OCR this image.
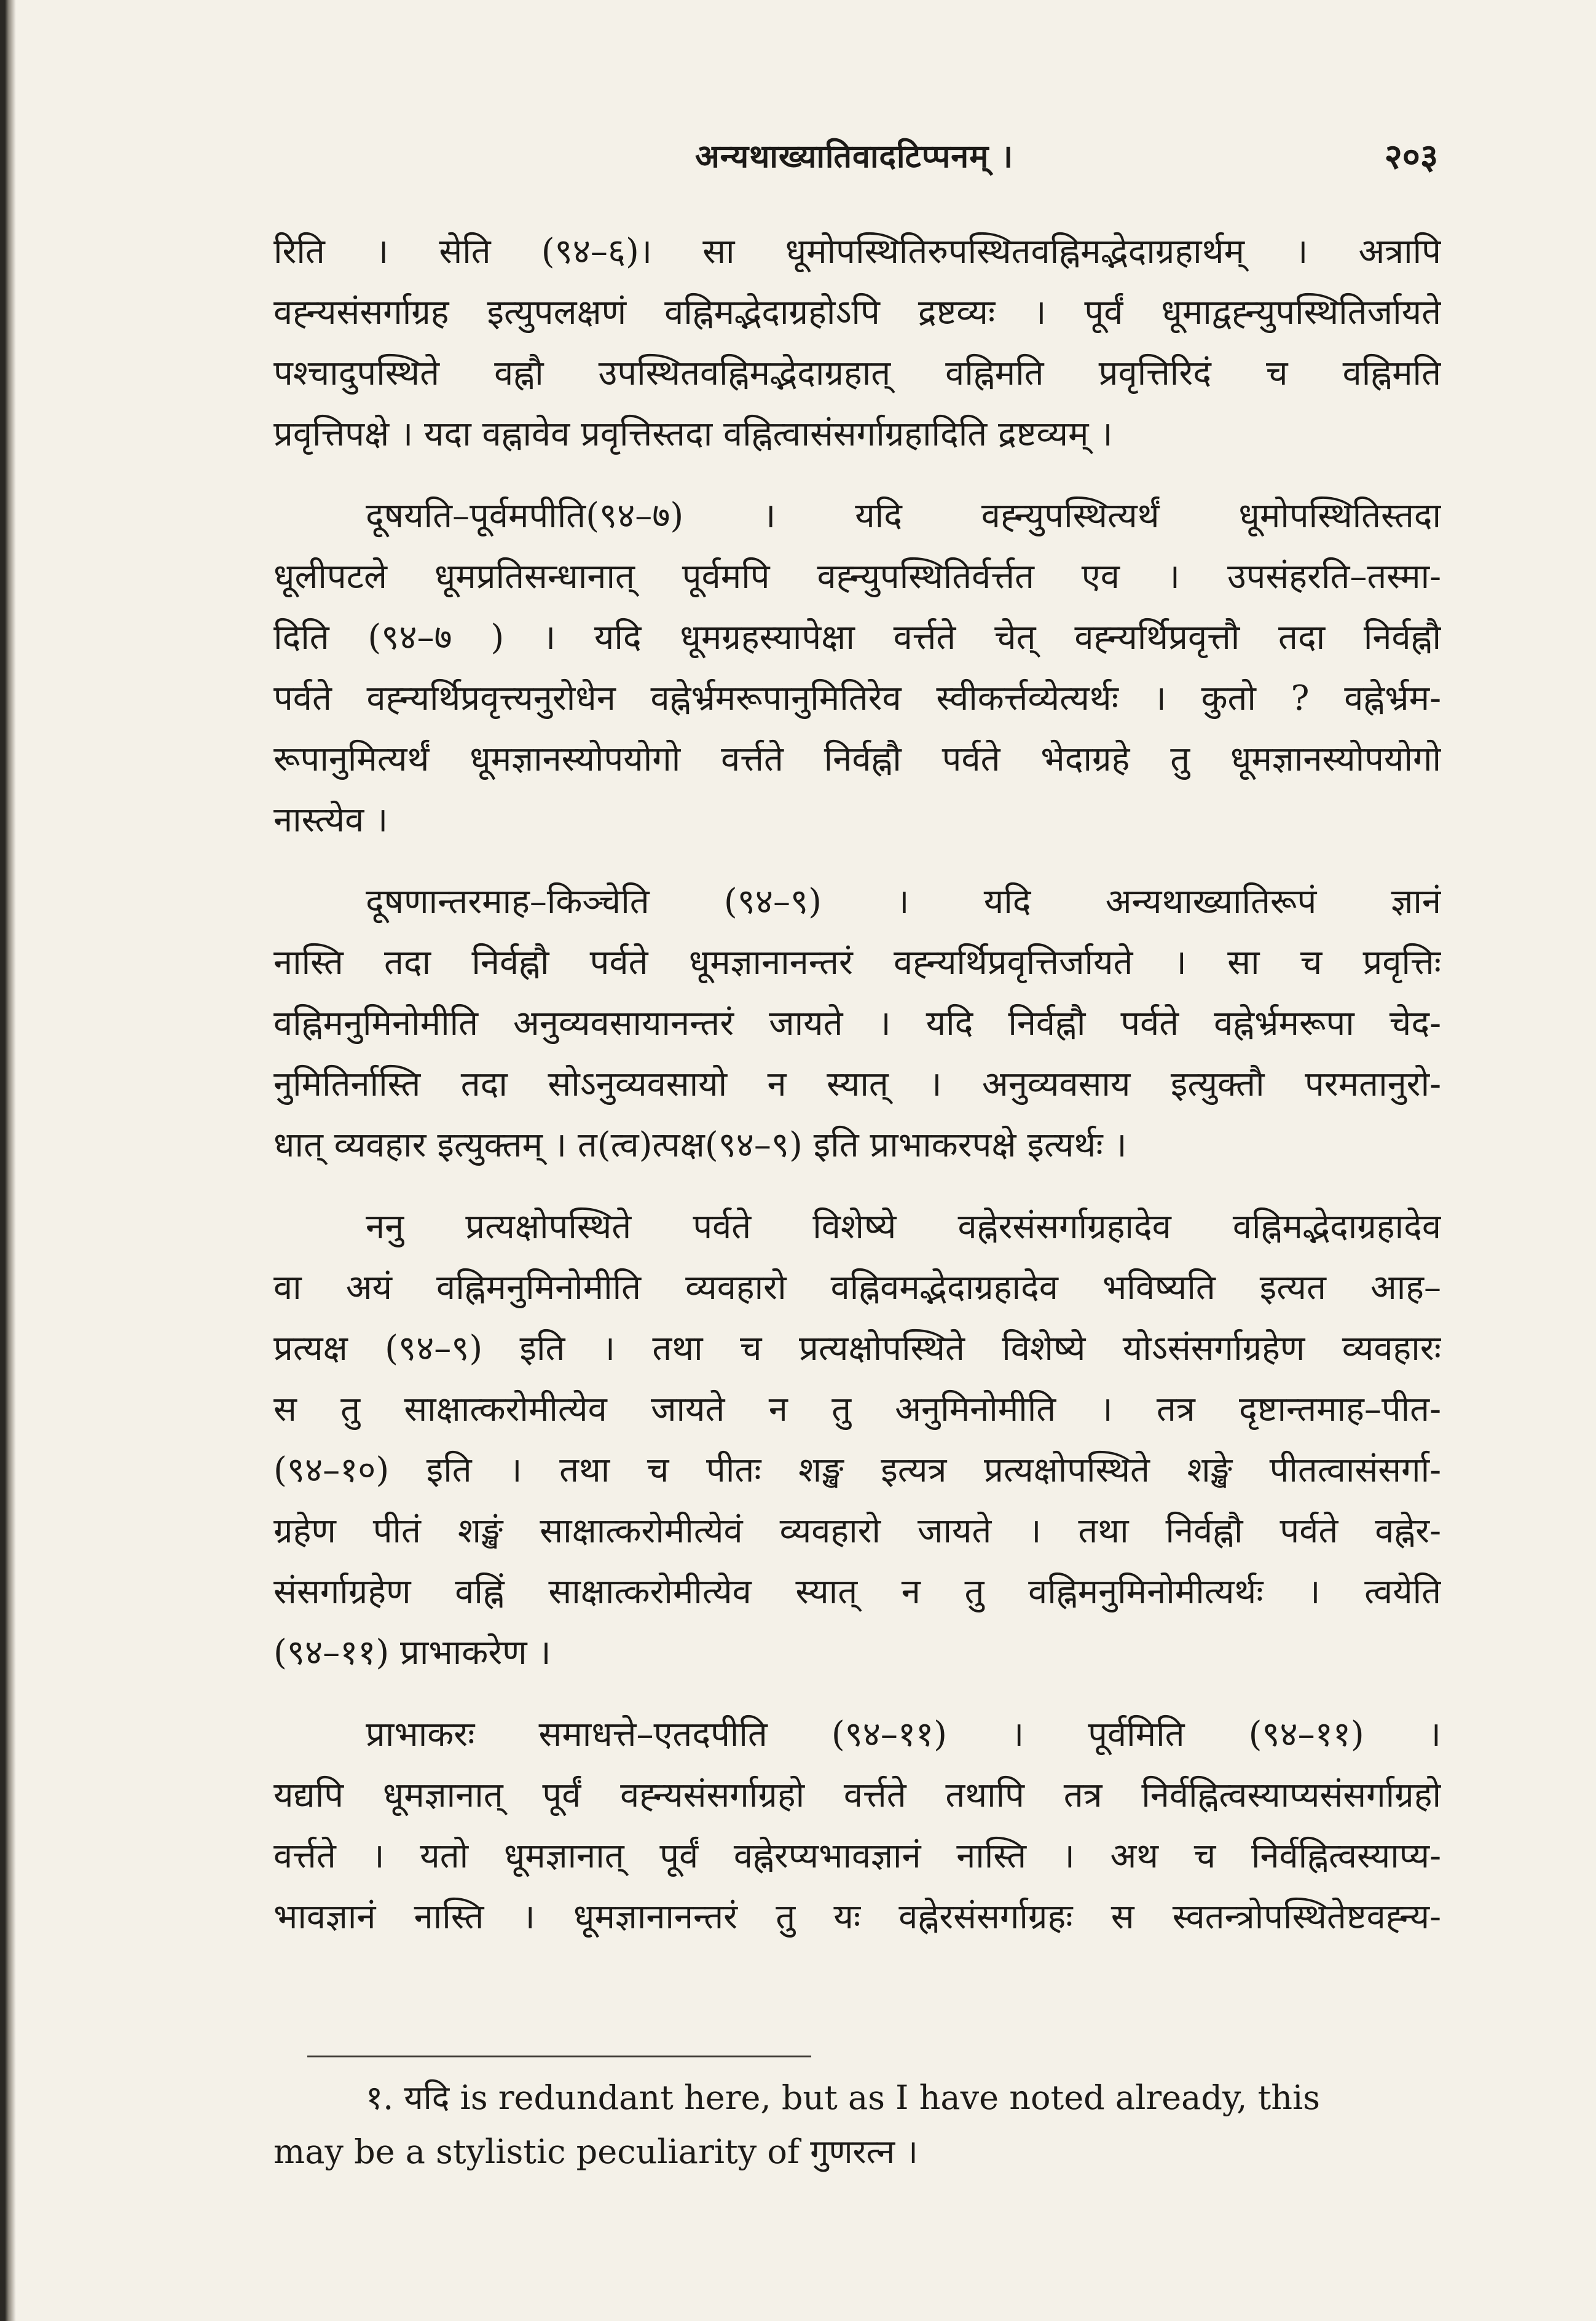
अन्यथाख्यातिवादटिप्पनम् ।	२०३
रिति । सेति (९४–६)। सा धूमोपस्थितिरुपस्थितवह्निमद्भेदाग्रहार्थम् । अत्रापि
वह्न्यसंसर्गाग्रह इत्युपलक्षणं वह्निमद्भेदाग्रहोऽपि द्रष्टव्यः । पूर्वं धूमाद्वह्न्युपस्थितिर्जायते
पश्चादुपस्थिते वह्नौ उपस्थितवह्निमद्भेदाग्रहात् वह्निमति प्रवृत्तिरिदं च वह्निमति
प्रवृत्तिपक्षे । यदा वह्नावेव प्रवृत्तिस्तदा वह्नित्वासंसर्गाग्रहादिति द्रष्टव्यम् ।
दूषयति–पूर्वमपीति(९४–७) । यदि वह्न्युपस्थित्यर्थं धूमोपस्थितिस्तदा
धूलीपटले धूमप्रतिसन्धानात् पूर्वमपि वह्न्युपस्थितिर्वर्त्तत एव । उपसंहरति–तस्मा-
दिति (९४–७ ) । यदि धूमग्रहस्यापेक्षा वर्त्तते चेत् वह्न्यर्थिप्रवृत्तौ तदा निर्वह्नौ
पर्वते वह्न्यर्थिप्रवृत्त्यनुरोधेन वह्नेर्भ्रमरूपानुमितिरेव स्वीकर्त्तव्येत्यर्थः । कुतो ? वह्नेर्भ्रम-
रूपानुमित्यर्थं धूमज्ञानस्योपयोगो वर्त्तते निर्वह्नौ पर्वते भेदाग्रहे तु धूमज्ञानस्योपयोगो
नास्त्येव ।
दूषणान्तरमाह–किञ्चेति (९४–९) । यदि अन्यथाख्यातिरूपं ज्ञानं
नास्ति तदा निर्वह्नौ पर्वते धूमज्ञानानन्तरं वह्न्यर्थिप्रवृत्तिर्जायते । सा च प्रवृत्तिः
वह्निमनुमिनोमीति अनुव्यवसायानन्तरं जायते । यदि निर्वह्नौ पर्वते वह्नेर्भ्रमरूपा चेद-
नुमितिर्नास्ति तदा सोऽनुव्यवसायो न स्यात् । अनुव्यवसाय इत्युक्तौ परमतानुरो-
धात् व्यवहार इत्युक्तम् । त(त्व)त्पक्ष(९४–९) इति प्राभाकरपक्षे इत्यर्थः ।
ननु प्रत्यक्षोपस्थिते पर्वते विशेष्ये वह्नेरसंसर्गाग्रहादेव वह्निमद्भेदाग्रहादेव
वा अयं वह्निमनुमिनोमीति व्यवहारो वह्निवमद्भेदाग्रहादेव भविष्यति इत्यत आह–
प्रत्यक्ष (९४–९) इति । तथा च प्रत्यक्षोपस्थिते विशेष्ये योऽसंसर्गाग्रहेण व्यवहारः
स तु साक्षात्करोमीत्येव जायते न तु अनुमिनोमीति । तत्र दृष्टान्तमाह–पीत-
(९४–१०) इति । तथा च पीतः शङ्ख इत्यत्र प्रत्यक्षोपस्थिते शङ्खे पीतत्वासंसर्गा-
ग्रहेण पीतं शङ्खं साक्षात्करोमीत्येवं व्यवहारो जायते । तथा निर्वह्नौ पर्वते वह्नेर-
संसर्गाग्रहेण वह्निं साक्षात्करोमीत्येव स्यात् न तु वह्निमनुमिनोमीत्यर्थः । त्वयेति
(९४–११) प्राभाकरेण ।
प्राभाकरः समाधत्ते–एतदपीति (९४–११) । पूर्वमिति (९४–११) ।
यद्यपि धूमज्ञानात् पूर्वं वह्न्यसंसर्गाग्रहो वर्त्तते तथापि तत्र निर्वह्नित्वस्याप्यसंसर्गाग्रहो
वर्त्तते । यतो धूमज्ञानात् पूर्वं वह्नेरप्यभावज्ञानं नास्ति । अथ च निर्वह्नित्वस्याप्य-
भावज्ञानं नास्ति । धूमज्ञानानन्तरं तु यः वह्नेरसंसर्गाग्रहः स स्वतन्त्रोपस्थितेष्टवह्न्य-
१. यदि is redundant here, but as I have noted already, this
may be a stylistic peculiarity of गुणरत्न ।
